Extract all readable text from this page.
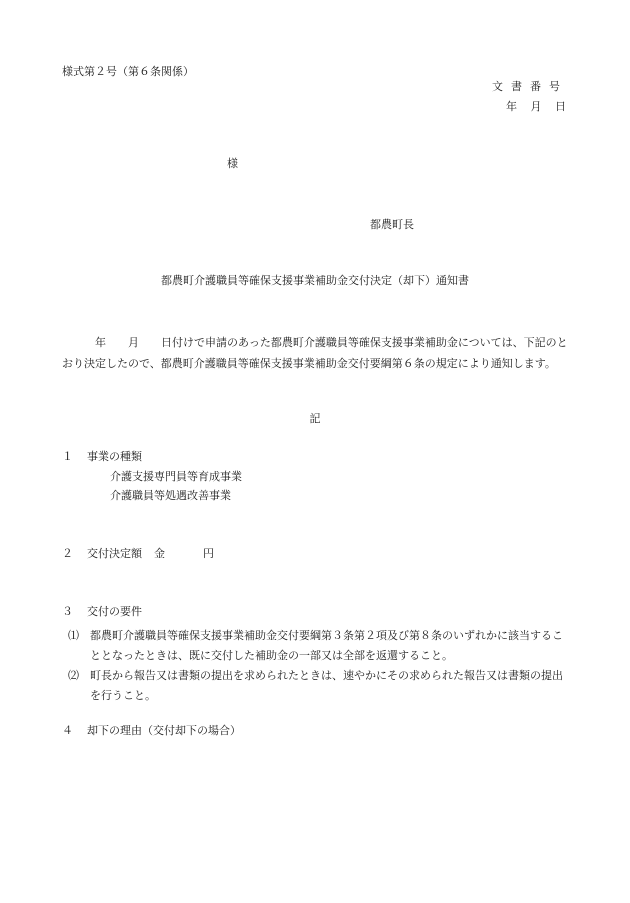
様式第２号（第６条関係）
文書番号
年 月 日
様
都農町長
都農町介護職員等確保支援事業補助金交付決定（却下）通知書
　　　年　　月　　日付けで申請のあった都農町介護職員等確保支援事業補助金については、下記のとおり決定したので、都農町介護職員等確保支援事業補助金交付要綱第６条の規定により通知します。
記
１ 事業の種類
介護支援専門員等育成事業
介護職員等処遇改善事業
２ 交付決定額 金	円
３ 交付の要件
⑴	都農町介護職員等確保支援事業補助金交付要綱第３条第２項及び第８条のいずれかに該当することとなったときは、既に交付した補助金の一部又は全部を返還すること。
⑵	町長から報告又は書類の提出を求められたときは、速やかにその求められた報告又は書類の提出を行うこと。
４ 却下の理由（交付却下の場合）
